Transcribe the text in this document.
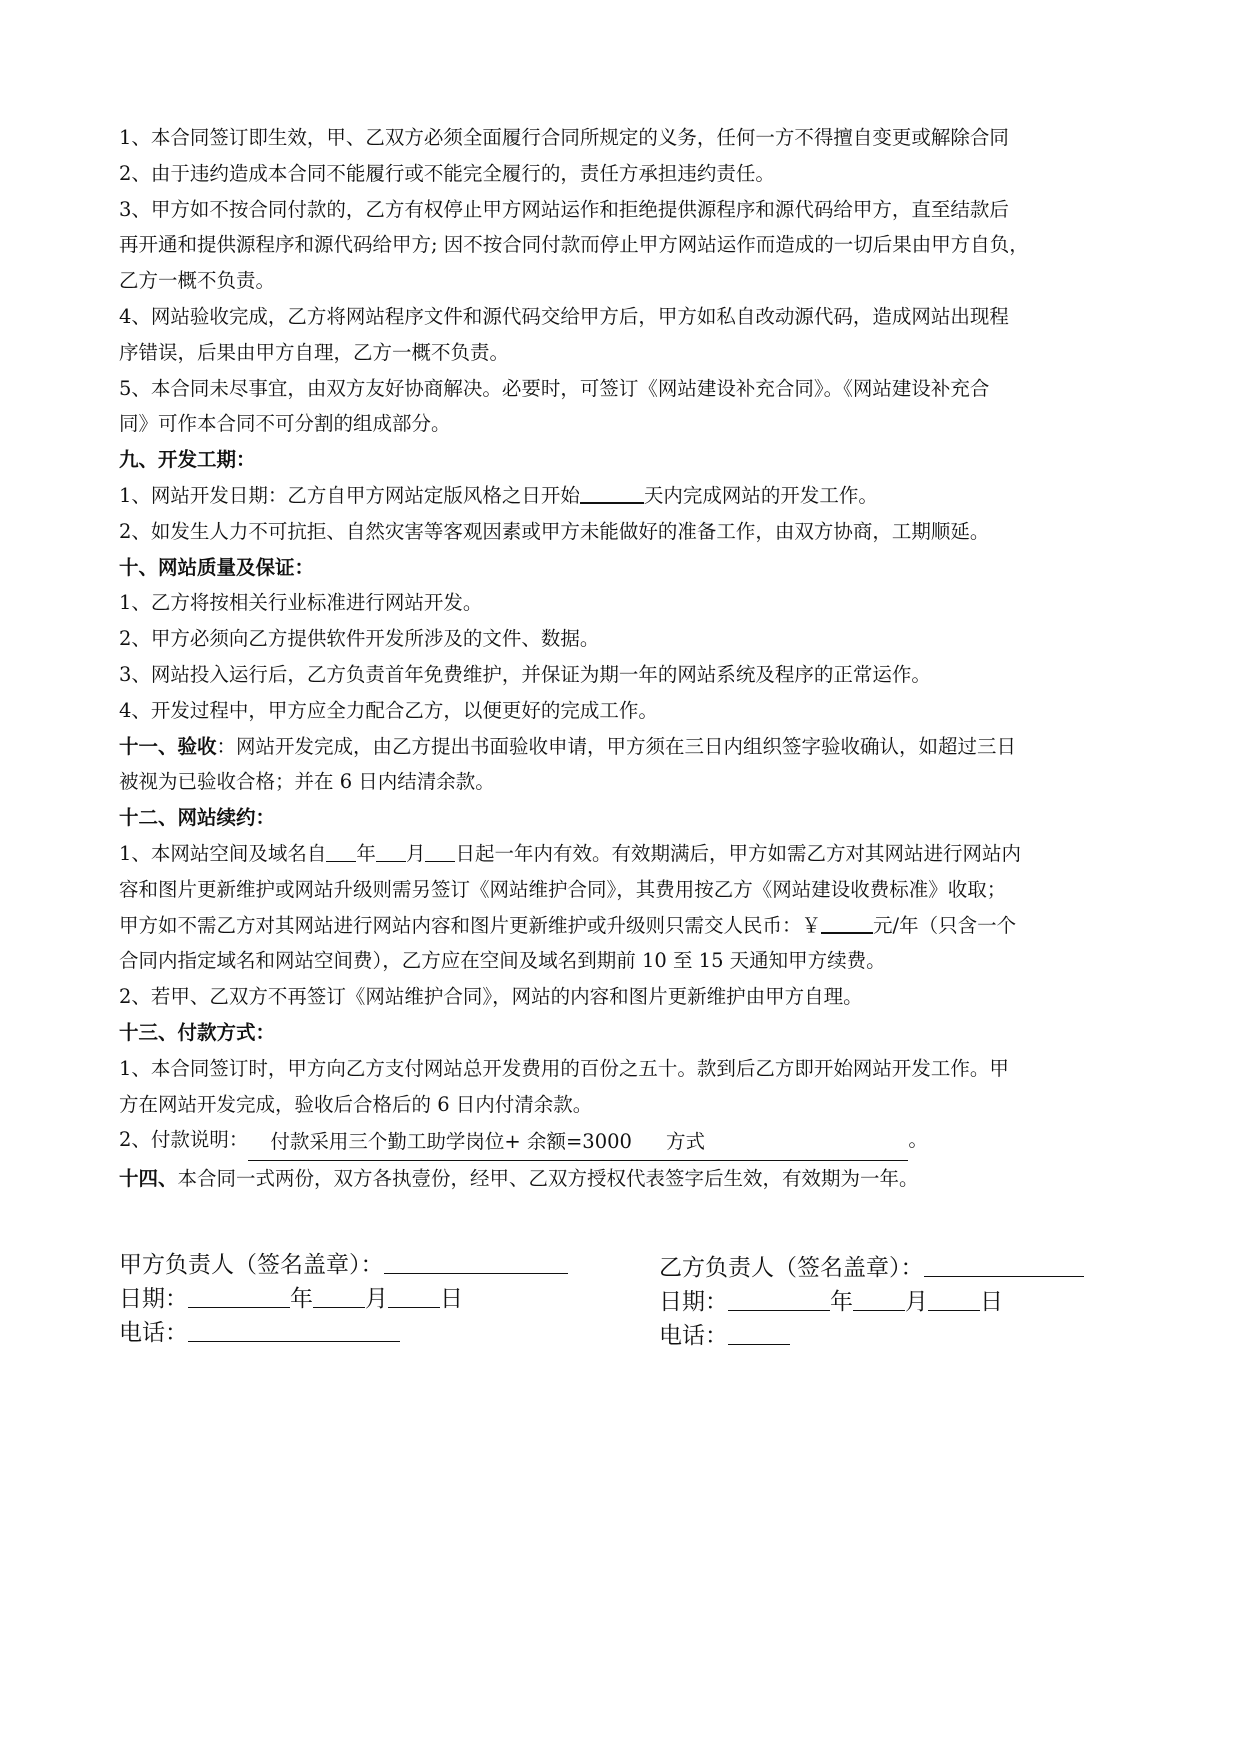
1、本合同签订即生效，甲、乙双方必须全面履行合同所规定的义务，任何一方不得擅自变更或解除合同

2、由于违约造成本合同不能履行或不能完全履行的，责任方承担违约责任。

3、甲方如不按合同付款的，乙方有权停止甲方网站运作和拒绝提供源程序和源代码给甲方，直至结款后

再开通和提供源程序和源代码给甲方; 因不按合同付款而停止甲方网站运作而造成的一切后果由甲方自负，

乙方一概不负责。

4、网站验收完成，乙方将网站程序文件和源代码交给甲方后，甲方如私自改动源代码，造成网站出现程

序错误，后果由甲方自理，乙方一概不负责。

5、本合同未尽事宜，由双方友好协商解决。必要时，可签订《网站建设补充合同》。《网站建设补充合

同》可作本合同不可分割的组成部分。

九、开发工期：

1、网站开发日期：乙方自甲方网站定版风格之日开始	天内完成网站的开发工作。

2、如发生人力不可抗拒、自然灾害等客观因素或甲方未能做好的准备工作，由双方协商，工期顺延。

十、网站质量及保证：

1、乙方将按相关行业标准进行网站开发。

2、甲方必须向乙方提供软件开发所涉及的文件、数据。

3、网站投入运行后，乙方负责首年免费维护，并保证为期一年的网站系统及程序的正常运作。

4、开发过程中，甲方应全力配合乙方，以便更好的完成工作。

十一、验收：网站开发完成，由乙方提出书面验收申请，甲方须在三日内组织签字验收确认，如超过三日

被视为已验收合格；并在 6 日内结清余款。

十二、网站续约：

1、本网站空间及域名自 年 月 日起一年内有效。有效期满后，甲方如需乙方对其网站进行网站内

容和图片更新维护或网站升级则需另签订《网站维护合同》，其费用按乙方《网站建设收费标准》收取；

甲方如不需乙方对其网站进行网站内容和图片更新维护或升级则只需交人民币：￥	元/年（只含一个

合同内指定域名和网站空间费），乙方应在空间及域名到期前 10 至 15 天通知甲方续费。

2、若甲、乙双方不再签订《网站维护合同》，网站的内容和图片更新维护由甲方自理。

十三、付款方式：

1、本合同签订时，甲方向乙方支付网站总开发费用的百份之五十。款到后乙方即开始网站开发工作。甲

方在网站开发完成，验收后合格后的 6 日内付清余款。

2、付款说明： 付款采用三个勤工助学岗位+ 余额=3000 方式	。

十四、本合同一式两份，双方各执壹份，经甲、乙双方授权代表签字后生效，有效期为一年。

甲方负责人（签名盖章）：
日期：	年 月 日
电话：
乙方负责人（签名盖章）：
日期：	年 月 日
电话：
